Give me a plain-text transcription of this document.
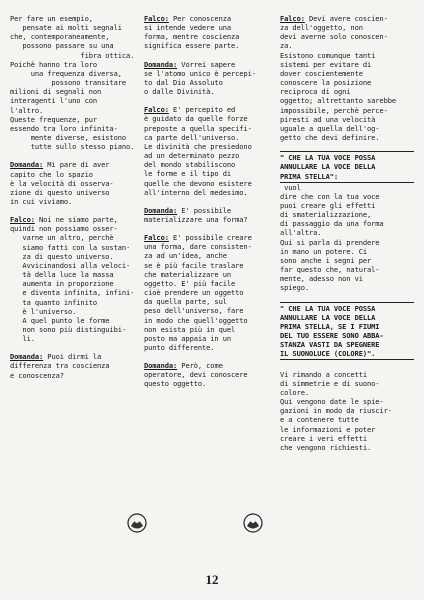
Per fare un esempio,
pensate ai molti segnali
che, contemporaneamente,
possono passare su una
fibra ottica.
Poichè hanno tra loro
una frequenza diversa,
possono transitare
milioni di segnali non
interagenti l'uno con
l'altro.
Queste frequenze, pur
essendo tra loro infinita-
mente diverse, esistono
tutte sullo stesso piano.
Domanda: Mi pare di aver
capito che lo spazio
è la velocità di osserva-
zione di questo universo
in cui viviamo.
Falco: Noi ne siamo parte,
quindi non possiamo osser-
varne un altro, perchè
siamo fatti con la sostan-
za di questo universo.
Avvicinandosi alla veloci-
tà della luce la massa
aumenta in proporzione
e diventa infinita, infini-
ta quanto infinito
è l'universo.
A quel punto le forme
non sono più distinguibi-
li.
Domanda: Puoi dirmi la
differenza tra coscienza
e conoscenza?
Falco: Per conoscenza
si intende vedere una
forma, mentre coscienza
significa essere parte.
Domanda: Vorrei sapere
se l'atomo unico è percepi-
to dal Dio Assoluto
o dalle Divinità.
Falco: E' percepito ed
è guidato da quelle forze
preposte a quella specifi-
ca parte dell'universo.
Le divinità che presiedono
ad un determinato pezzo
del mondo stabiliscono
le forme e il tipo di
quelle che devono esistere
all'interno del medesimo.
Domanda: E' possibile
materializzare una forma?
Falco: E' possibile creare
una forma, dare consisten-
za ad un'idea, anche
se è più facile traslare
che materializzare un
oggetto. E' più facile
cioè prendere un oggetto
da quella parte, sul
peso dell'universo, fare
in modo che quell'oggetto
non esista più in quel
posto ma appaia in un
punto differente.
Domanda: Però, come
operatore, devi conoscere
questo oggetto.
Falco: Devi avere coscien-
za dell'oggetto, non
devi averne solo conoscen-
za.
Esistono comunque tanti
sistemi per evitare di
dover coscientemente
conoscere la posizione
reciproca di ogni
oggetto; altrettanto sarebbe
impossibile, perchè perce-
piresti ad una velocità
uguale a quella dell'og-
getto che devi definire.
" CHE LA TUA VOCE POSSA
ANNULLARE LA VOCE DELLA
PRIMA STELLA":
vuol
dire che con la tua voce
puoi creare gli effetti
di smaterializzazione,
di passaggio da una forma
all'altra.
Qui si parla di prendere
in mano un potere. Ci
sono anche i segni per
far questo che, natural-
mente, adesso non vi
spiego.
" CHE LA TUA VOCE POSSA
ANNULLARE LA VOCE DELLA
PRIMA STELLA, SE I FIUMI
DEL TUO ESSERE SONO ABBA-
STANZA VASTI DA SPEGNERE
IL SUONOLUCE (COLORE)".

Vi rimando a concetti
di simmetrie e di suono-
colore.
Qui vengono date le spie-
gazioni in modo da riuscir-
e a contenere tutte
le informazioni e poter
creare i veri effetti
che vengono richiesti.
12
